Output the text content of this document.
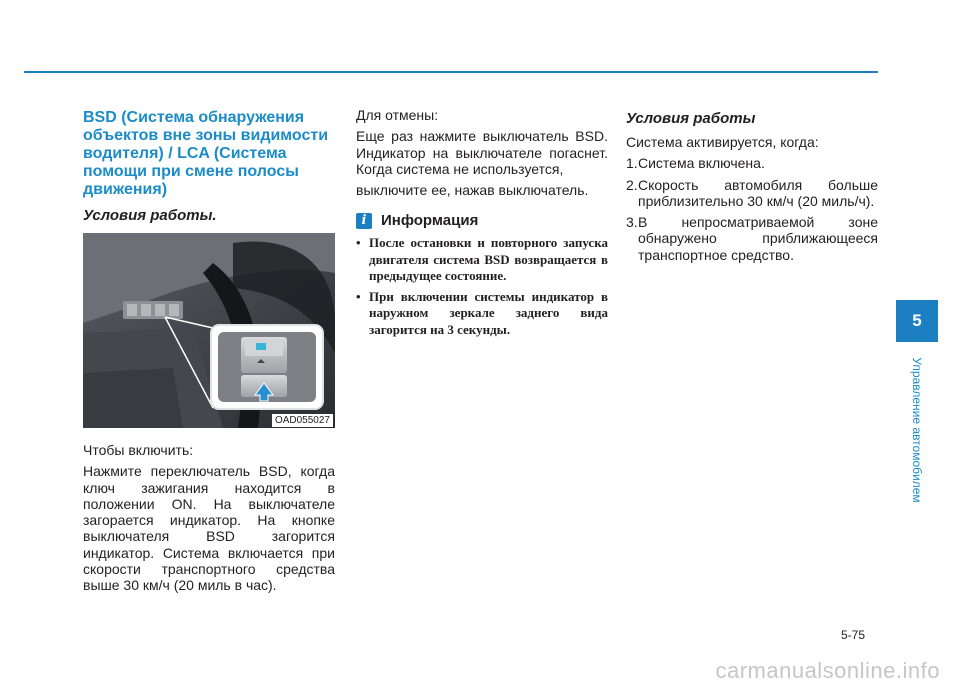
BSD (Система обнаружения
объектов вне зоны видимости
водителя) / LCA (Система
помощи при смене полосы
движения)
Условия работы.
OAD055027

Чтобы включить:

Нажмите переключатель BSD, когда ключ зажигания находится в положении ON. На выключателе загорается индикатор. На кнопке выключателя BSD загорится индикатор. Система включается при скорости транспортного средства выше 30 км/ч (20 миль в час).

Для отмены:

Еще раз нажмите выключатель BSD. Индикатор на выключателе погаснет. Когда система не используется,

выключите ее, нажав выключатель.

i Информация
• После остановки и повторного запуска двигателя система BSD возвращается в предыдущее состояние.
• При включении системы индикатор в наружном зеркале заднего вида загорится на 3 секунды.
Условия работы

Система активируется, когда:

1. Система включена.
2. Скорость автомобиля больше приблизительно 30 км/ч (20 миль/ч).
3. В непросматриваемой зоне обнаружено приближающееся транспортное средство.
5
Управление автомобилем
5-75
carmanualsonline.info
